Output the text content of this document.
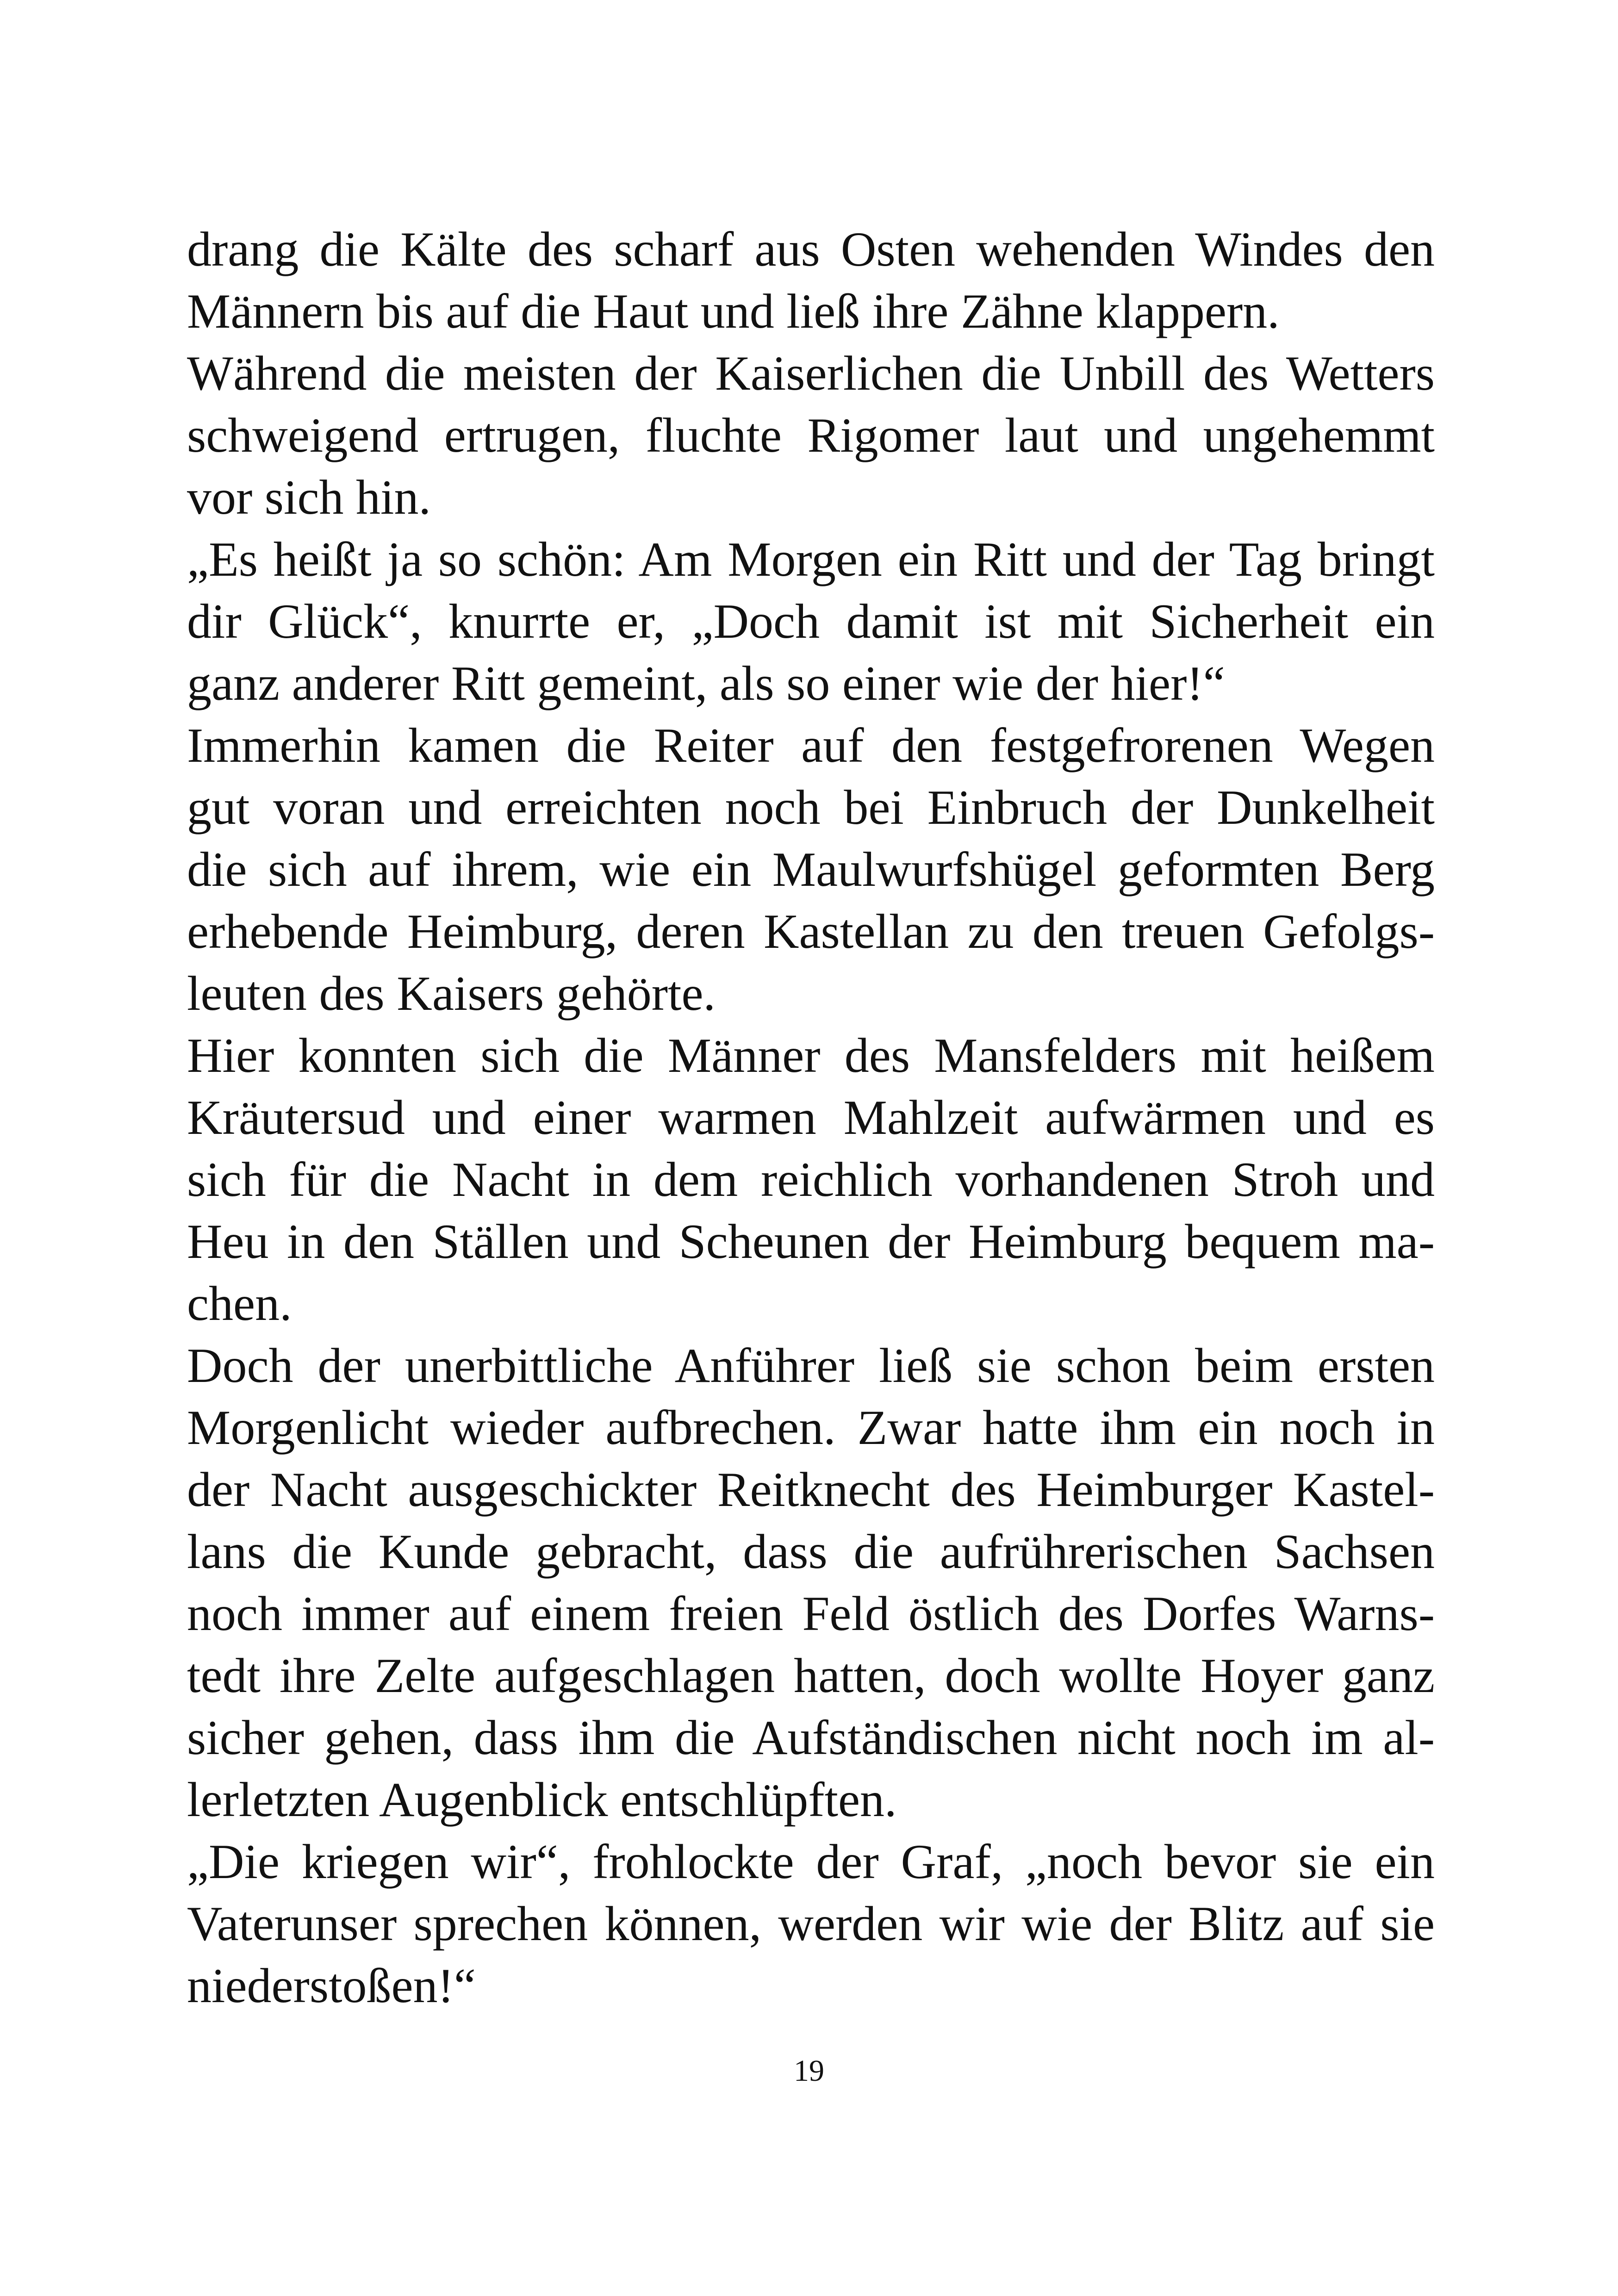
drang die Kälte des scharf aus Osten wehenden Windes den
Männern bis auf die Haut und ließ ihre Zähne klappern.
Während die meisten der Kaiserlichen die Unbill des Wetters
schweigend ertrugen, fluchte Rigomer laut und ungehemmt
vor sich hin.
„Es heißt ja so schön: Am Morgen ein Ritt und der Tag bringt
dir Glück“, knurrte er, „Doch damit ist mit Sicherheit ein
ganz anderer Ritt gemeint, als so einer wie der hier!“
Immerhin kamen die Reiter auf den festgefrorenen Wegen
gut voran und erreichten noch bei Einbruch der Dunkelheit
die sich auf ihrem, wie ein Maulwurfshügel geformten Berg
erhebende Heimburg, deren Kastellan zu den treuen Gefolgs-
leuten des Kaisers gehörte.
Hier konnten sich die Männer des Mansfelders mit heißem
Kräutersud und einer warmen Mahlzeit aufwärmen und es
sich für die Nacht in dem reichlich vorhandenen Stroh und
Heu in den Ställen und Scheunen der Heimburg bequem ma-
chen.
Doch der unerbittliche Anführer ließ sie schon beim ersten
Morgenlicht wieder aufbrechen. Zwar hatte ihm ein noch in
der Nacht ausgeschickter Reitknecht des Heimburger Kastel-
lans die Kunde gebracht, dass die aufrührerischen Sachsen
noch immer auf einem freien Feld östlich des Dorfes Warns-
tedt ihre Zelte aufgeschlagen hatten, doch wollte Hoyer ganz
sicher gehen, dass ihm die Aufständischen nicht noch im al-
lerletzten Augenblick entschlüpften.
„Die kriegen wir“, frohlockte der Graf, „noch bevor sie ein
Vaterunser sprechen können, werden wir wie der Blitz auf sie
niederstoßen!“
19
